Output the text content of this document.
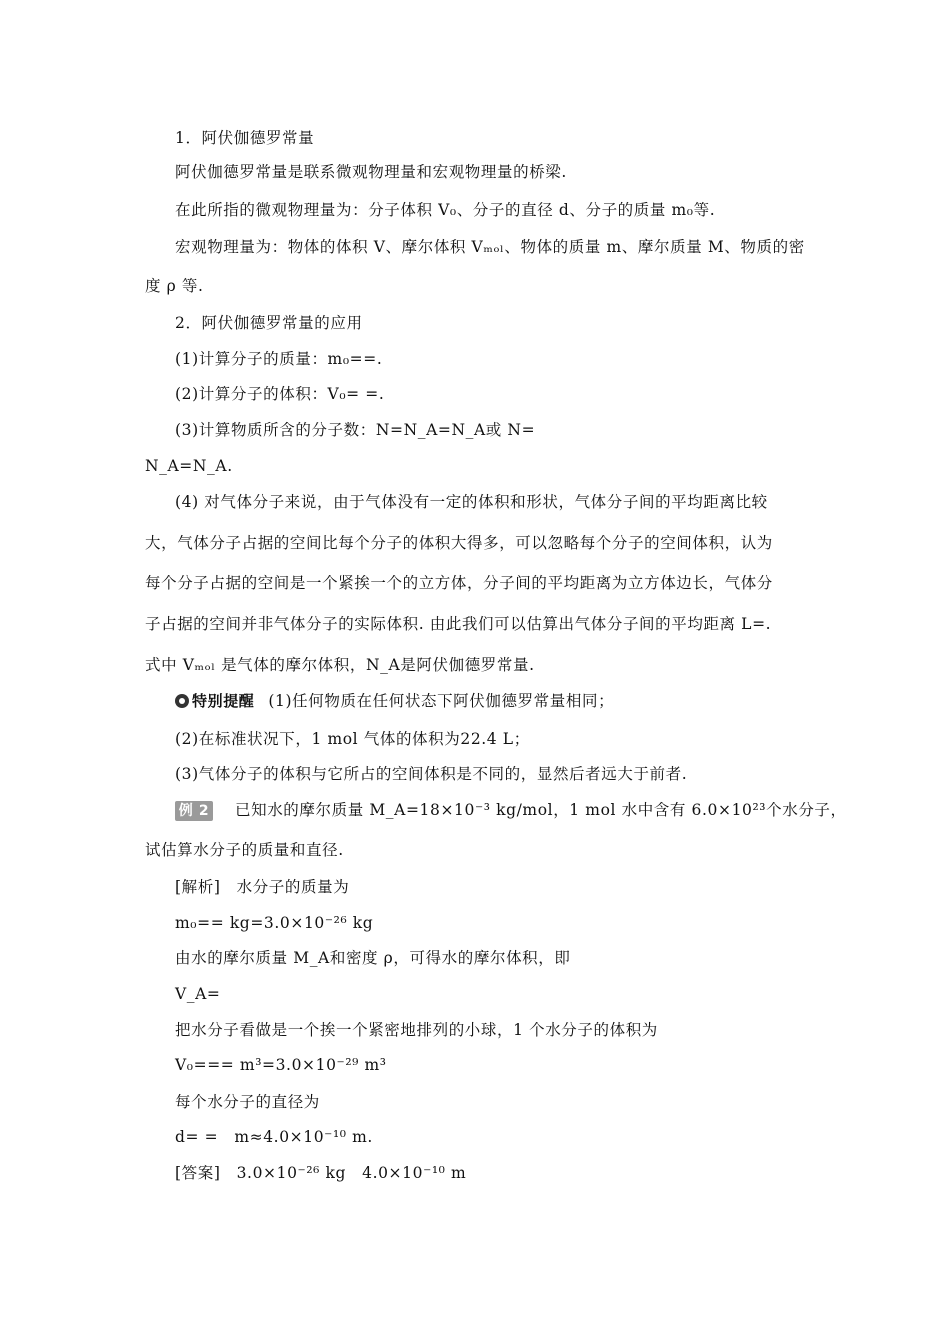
1．阿伏伽德罗常量
阿伏伽德罗常量是联系微观物理量和宏观物理量的桥梁.
在此所指的微观物理量为：分子体积 V₀、分子的直径 d、分子的质量 m₀等.
宏观物理量为：物体的体积 V、摩尔体积 Vₘₒₗ、物体的质量 m、摩尔质量 M、物质的密
度 ρ 等.
2．阿伏伽德罗常量的应用
(1)计算分子的质量：m₀==.
(2)计算分子的体积：V₀= =.
(3)计算物质所含的分子数：N=N_A=N_A或 N=
N_A=N_A.
(4) 对气体分子来说，由于气体没有一定的体积和形状，气体分子间的平均距离比较
大，气体分子占据的空间比每个分子的体积大得多，可以忽略每个分子的空间体积，认为
每个分子占据的空间是一个紧挨一个的立方体，分子间的平均距离为立方体边长，气体分
子占据的空间并非气体分子的实际体积. 由此我们可以估算出气体分子间的平均距离 L=.
式中 Vₘₒₗ 是气体的摩尔体积，N_A是阿伏伽德罗常量.
特别提醒 (1)任何物质在任何状态下阿伏伽德罗常量相同；
(2)在标准状况下，1 mol 气体的体积为22.4 L；
(3)气体分子的体积与它所占的空间体积是不同的，显然后者远大于前者.
例 2 已知水的摩尔质量 M_A=18×10⁻³ kg/mol，1 mol 水中含有 6.0×10²³个水分子，
试估算水分子的质量和直径.
[解析]　水分子的质量为
m₀== kg=3.0×10⁻²⁶ kg
由水的摩尔质量 M_A和密度 ρ，可得水的摩尔体积，即
V_A=
把水分子看做是一个挨一个紧密地排列的小球，1 个水分子的体积为
V₀=== m³=3.0×10⁻²⁹ m³
每个水分子的直径为
d= =　m≈4.0×10⁻¹⁰ m.
[答案]　3.0×10⁻²⁶ kg　4.0×10⁻¹⁰ m
